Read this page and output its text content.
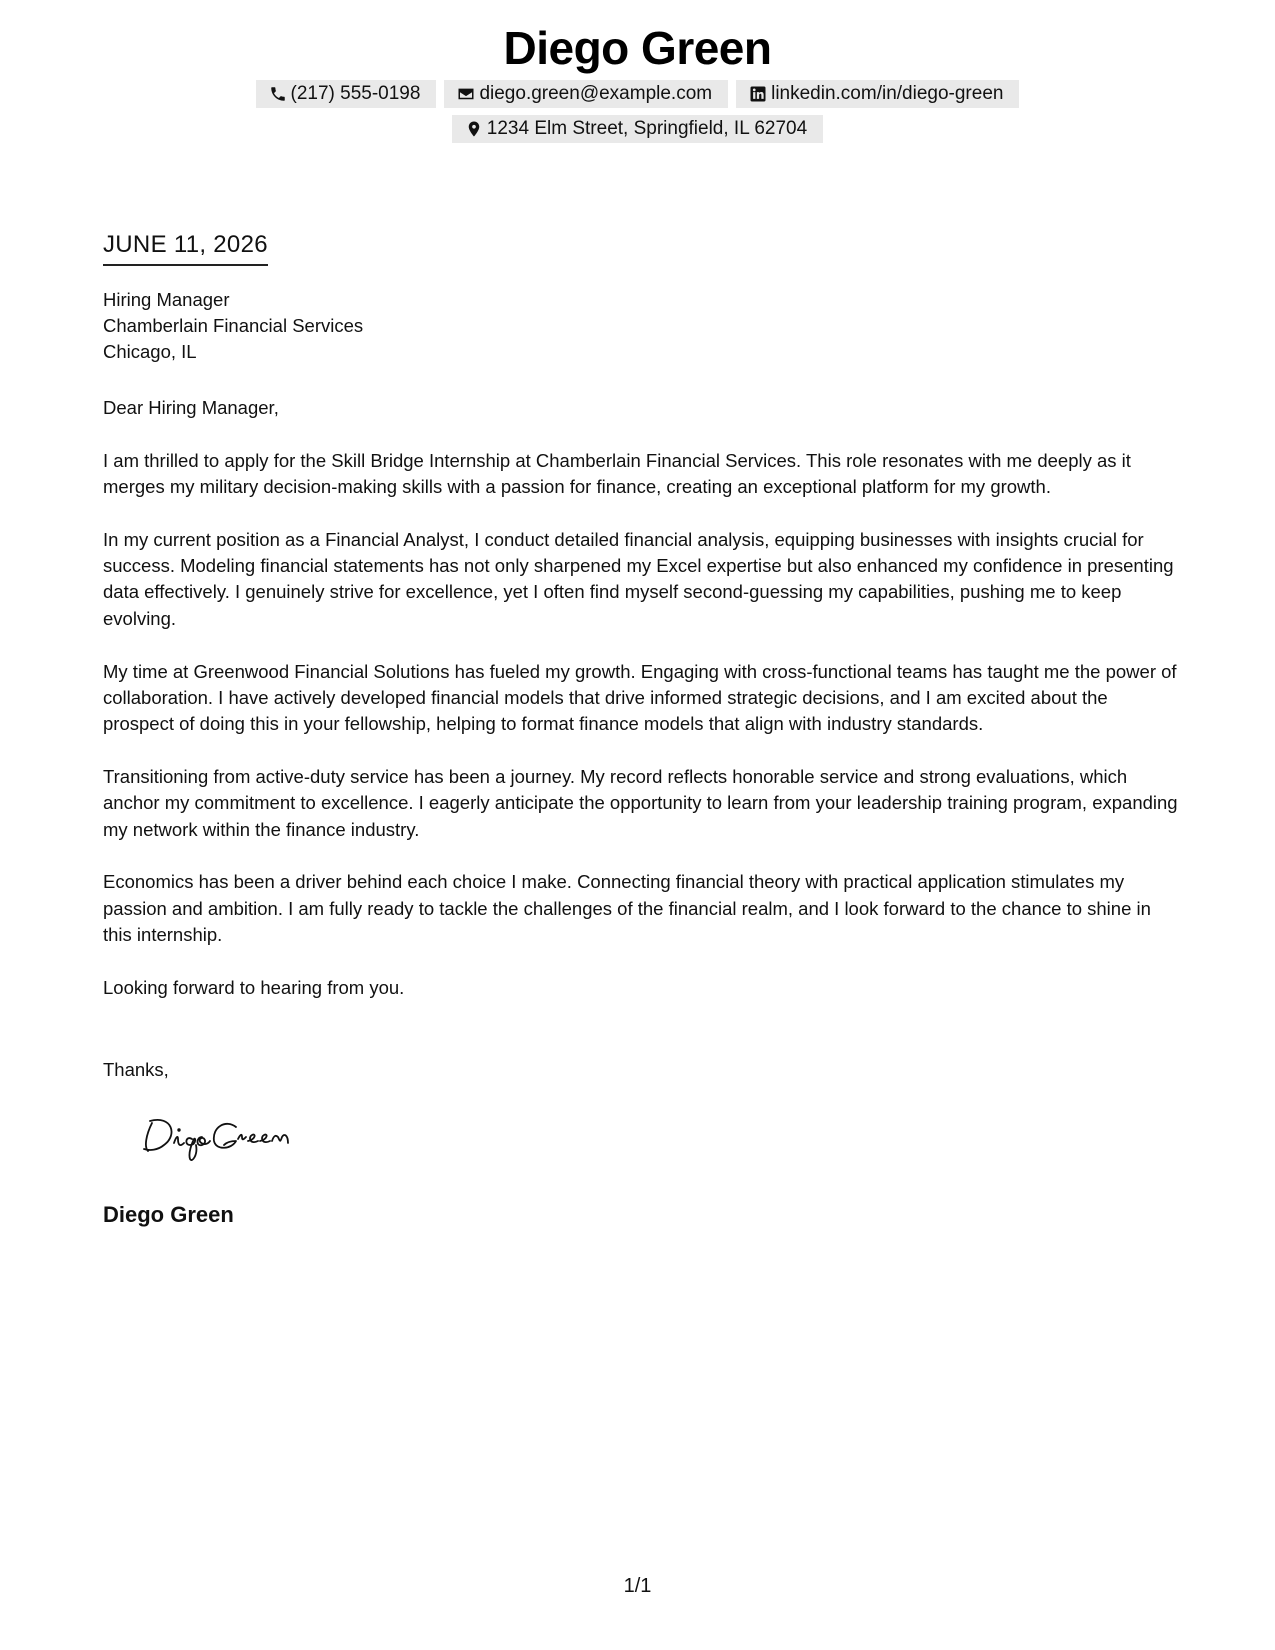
Diego Green
(217) 555-0198	diego.green@example.com	linkedin.com/in/diego-green
1234 Elm Street, Springfield, IL 62704
JUNE 11, 2026
Hiring Manager
Chamberlain Financial Services
Chicago, IL

Dear Hiring Manager,

I am thrilled to apply for the Skill Bridge Internship at Chamberlain Financial Services. This role resonates with me deeply as it merges my military decision-making skills with a passion for finance, creating an exceptional platform for my growth.

In my current position as a Financial Analyst, I conduct detailed financial analysis, equipping businesses with insights crucial for success. Modeling financial statements has not only sharpened my Excel expertise but also enhanced my confidence in presenting data effectively. I genuinely strive for excellence, yet I often find myself second-guessing my capabilities, pushing me to keep evolving.

My time at Greenwood Financial Solutions has fueled my growth. Engaging with cross-functional teams has taught me the power of collaboration. I have actively developed financial models that drive informed strategic decisions, and I am excited about the prospect of doing this in your fellowship, helping to format finance models that align with industry standards.

Transitioning from active-duty service has been a journey. My record reflects honorable service and strong evaluations, which anchor my commitment to excellence. I eagerly anticipate the opportunity to learn from your leadership training program, expanding my network within the finance industry.

Economics has been a driver behind each choice I make. Connecting financial theory with practical application stimulates my passion and ambition. I am fully ready to tackle the challenges of the financial realm, and I look forward to the chance to shine in this internship.

Looking forward to hearing from you.

Thanks,
Diego Green
1/1
